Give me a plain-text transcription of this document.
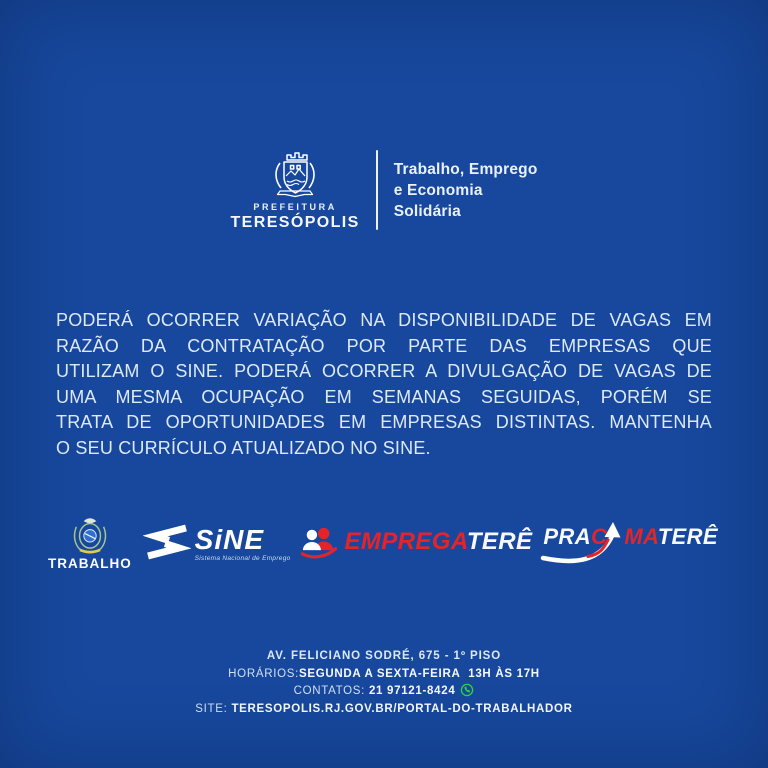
PREFEITURA
TERESÓPOLIS
Trabalho, Emprego
e Economia
Solidária
PODERÁ OCORRER VARIAÇÃO NA DISPONIBILIDADE DE VAGAS EM
RAZÃO DA CONTRATAÇÃO POR PARTE DAS EMPRESAS QUE
UTILIZAM O SINE. PODERÁ OCORRER A DIVULGAÇÃO DE VAGAS DE
UMA MESMA OCUPAÇÃO EM SEMANAS SEGUIDAS, PORÉM SE
TRATA DE OPORTUNIDADES EM EMPRESAS DISTINTAS. MANTENHA
O SEU CURRÍCULO ATUALIZADO NO SINE.
TRABALHO
SiNE
Sistema Nacional de Emprego
EMPREGATERÊ PRAC MATERÊ
AV. FELICIANO SODRÉ, 675 - 1º PISO
HORÁRIOS:SEGUNDA A SEXTA-FEIRA  13H ÀS 17H
CONTATOS: 21 97121-8424
SITE: TERESOPOLIS.RJ.GOV.BR/PORTAL-DO-TRABALHADOR
